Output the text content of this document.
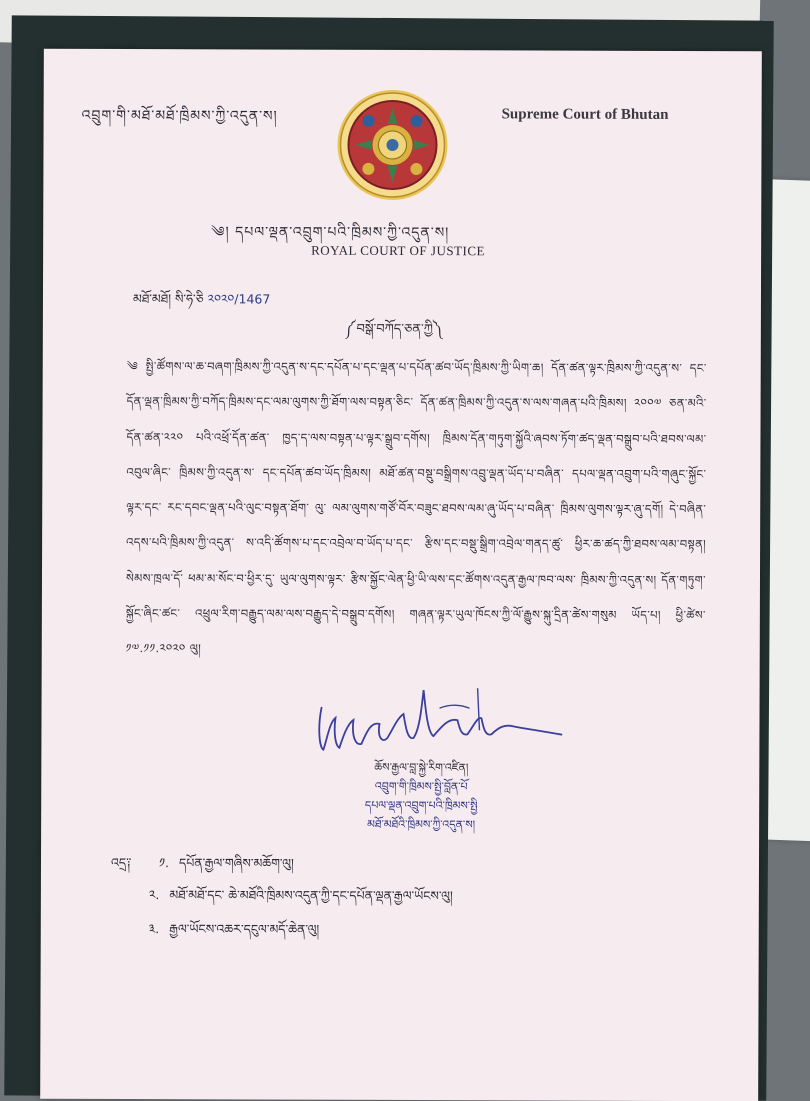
འབྲུག་གི་མཐོ་མཐོ་ཁྲིམས་ཀྱི་འདུན་ས།	Supreme Court of Bhutan
༄། དཔལ་ལྡན་འབྲུག་པའི་ཁྲིམས་ཀྱི་འདུན་ས།
ROYAL COURT OF JUSTICE
མཐོ་མཐོ། སི་ཧེ་ཅི ༢༠༢༠/1467
༼བསྒོ་བཀོད་ཅན་ཀྱི༽
༄ སྤྱི་ཚོགས་ལ་ཆ་བཞག་ཁྲིམས་ཀྱི་འདུན་ས་དང་དཔོན་པ་དང་ལྡན་པ་དཔོན་ཚབ་ཡོད་ཁྲིམས་ཀྱི་ཡིག་ཆ། དོན་ཚན་ལྟར་ཁྲིམས་ཀྱི་འདུན་ས་ དང་དོན་ལྡན་ཁྲིམས་ཀྱི་བཀོད་ཁྲིམས་དང་ལམ་ལུགས་ཀྱི་ཐོག་ལས་བསྟན་ཅིང་ དོན་ཚན་ཁྲིམས་ཀྱི་འདུན་ས་ལས་གཞན་པའི་ཁྲིམས། ༢༠༠༧ ཅན་མའི་དོན་ཚན་༢༢༠ པའི་འཕྲོ་དོན་ཚན་ ཁྱད་ད་ལས་བསྟན་པ་ལྟར་སྒྲུབ་དགོས། ཁྲིམས་དོན་གཏུག་སྐྱོའི་ཞབས་ཏོག་ཚད་ལྡན་བསྒྲུབ་པའི་ཐབས་ལམ་འབུལ་ཞིང་ ཁྲིམས་ཀྱི་འདུན་ས་ དང་དཔོན་ཚབ་ཡོད་ཁྲིམས། མཐོ་ཚན་བསྡུ་བསྒྲིགས་འབྲུ་ལྡན་ཡོད་པ་བཞིན་ དཔལ་ལྡན་འབྲུག་པའི་གཞུང་སྐྱོང་ལྟར་དང་ རང་དབང་ལྡན་པའི་ལུང་བསྟན་ཐོག་ ལུ་ ལམ་ལུགས་གཙོ་བོར་བཟུང་ཐབས་ལམ་ཞུ་ཡོད་པ་བཞིན་ ཁྲིམས་ལུགས་ལྟར་ཞུ་དགོ། དེ་བཞིན་འདས་པའི་ཁྲིམས་ཀྱི་འདུན་ ས་འདི་ཚོགས་པ་དང་འབྲེལ་བ་ཡོད་པ་དང་ རྩིས་དང་བསྡུ་སྒྲིག་འབྲེལ་གནད་ཚུ་ ཕྱིར་ཆ་ཚད་ཀྱི་ཐབས་ལམ་བསྟན། སེམས་ཁྲལ་དོ་ ཕམ་མ་སོང་བ་ཕྱིར་དུ་ ཡུལ་ལུགས་ལྟར་ རྩིས་སྐྱོང་ལེན་ཕྱི་ཡི་ལས་དང་ཚོགས་འདུན་རྒྱལ་ཁབ་ལས་ ཁྲིམས་ཀྱི་འདུན་ས། དོན་གཏུག་སྐྱོང་ཞིང་ཚང་ འཕྲུལ་རིག་བརྒྱུད་ལམ་ལས་བརྒྱུད་དེ་བསྒྲུབ་དགོས། གཞན་ལྟར་ཡུལ་ཁོངས་ཀྱི་ལོ་རྒྱུས་སྐུ་དྲིན་ཚེས་གསུམ ཡོད་པ། ཕྱི་ཚེས་༡༧.༡༡.༢༠༢༠ ལུ།
ཆོས་རྒྱལ་བླ་སྐྱེ་རིག་འཛིན།
འབྲུག་གི་ཁྲིམས་སྤྱི་བློན་པོ
དཔལ་ལྡན་འབྲུག་པའི་ཁྲིམས་སྤྱི
མཐོ་མཐོའི་ཁྲིམས་ཀྱི་འདུན་ས།
འདྲ༑ ༡. དཔོན་རྒྱལ་གཞིས་མཆོག་ལུ།
༢. མཐོ་མཐོ་དང་ ཆེ་མཐོའི་ཁྲིམས་འདུན་ཀྱི་དང་དཔོན་ལྡན་རྒྱལ་ཡོངས་ལུ།
༣. རྒྱལ་ཡོངས་འཆར་དངུལ་མདོ་ཆེན་ལུ།
